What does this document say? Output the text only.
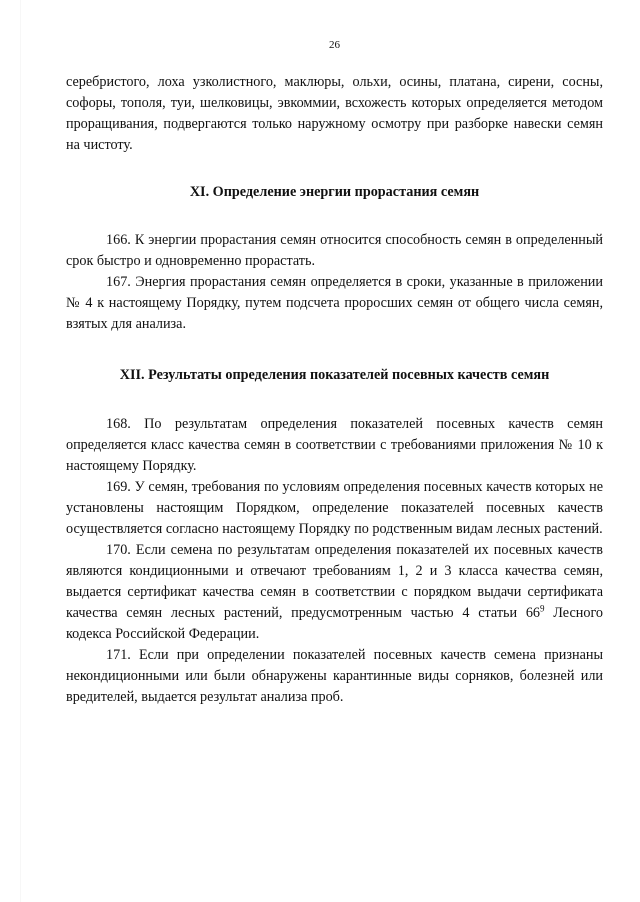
26

серебристого, лоха узколистного, маклюры, ольхи, осины, платана, сирени, сосны, софоры, тополя, туи, шелковицы, эвкоммии, всхожесть которых определяется методом проращивания, подвергаются только наружному осмотру при разборке навески семян на чистоту.

XI. Определение энергии прорастания семян

166. К энергии прорастания семян относится способность семян в определенный срок быстро и одновременно прорастать.

167. Энергия прорастания семян определяется в сроки, указанные в приложении № 4 к настоящему Порядку, путем подсчета проросших семян от общего числа семян, взятых для анализа.

XII. Результаты определения показателей посевных качеств семян

168. По результатам определения показателей посевных качеств семян определяется класс качества семян в соответствии с требованиями приложения № 10 к настоящему Порядку.

169. У семян, требования по условиям определения посевных качеств которых не установлены настоящим Порядком, определение показателей посевных качеств осуществляется согласно настоящему Порядку по родственным видам лесных растений.

170. Если семена по результатам определения показателей их посевных качеств являются кондиционными и отвечают требованиям 1, 2 и 3 класса качества семян, выдается сертификат качества семян в соответствии с порядком выдачи сертификата качества семян лесных растений, предусмотренным частью 4 статьи $66^9$ Лесного кодекса Российской Федерации.

171. Если при определении показателей посевных качеств семена признаны некондиционными или были обнаружены карантинные виды сорняков, болезней или вредителей, выдается результат анализа проб.
